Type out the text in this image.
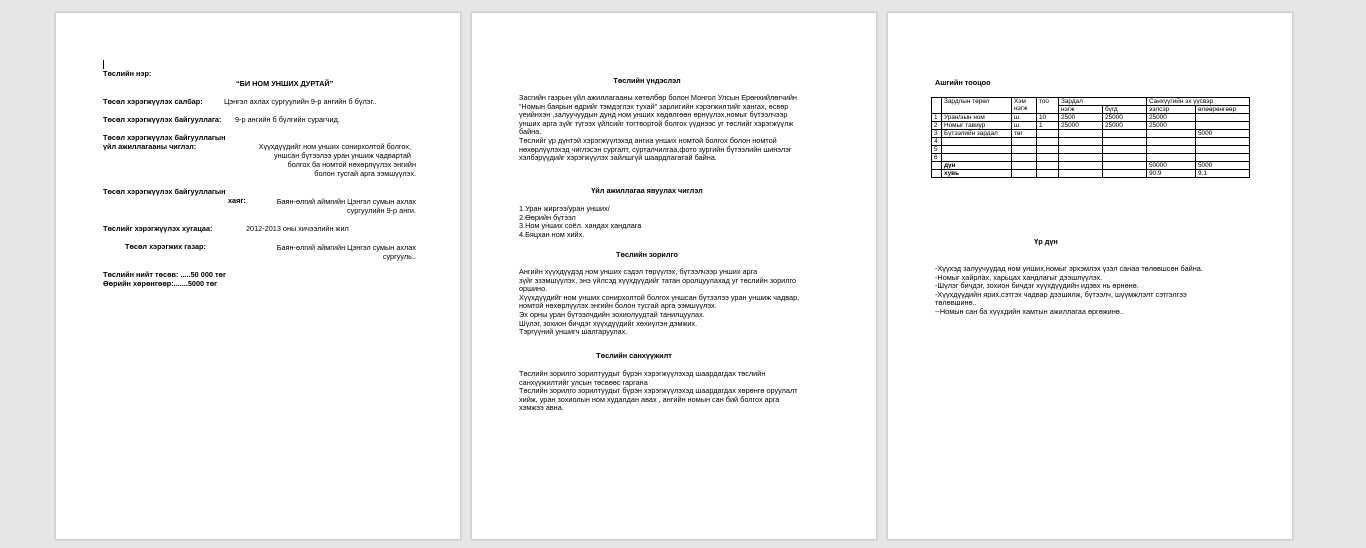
Төслийн нэр:
“БИ НОМ УНШИХ ДУРТАЙ”
Төсөл хэрэгжүүлэх салбар:	Цэнгэл ахлах сургуулийн 9-р ангийн б бүлэг..
Төсөл хэрэгжүүлэх байгууллага: 9-р ангийн б бүлгийн сурагчид.
Төсөл хэрэгжүүлэх байгууллагын
үйл ажиллагааны чиглэл:	Хүүхдүүдийг ном унших сонирхолтой болгох,
уншсан бүтээлээ уран уншиж чадвартай
болгох ба номтой нөхөрлүүлэх энгийн
болон тусгай арга ээмшүүлэх.
Төсөл хэрэгжүүлэх байгууллагын
хаяг:	Баян-өлгий аймгийн Цэнгэл сумын ахлах
сургуулийн 9-р анги.
Төслийг хэрэгжүүлэх хугацаа:	2012-2013 оны хичээлийн жил
Төсөл хэрэгжих газар:	Баян-өлгий аймгийн Цэнгэл сумын ахлах
сургууль..
Төслийн нийт төсөв: .....50 000 төг
Өөрийн хөрөнгөөр:.......5000 төг
Төслийн үндэслэл
Засгийн газрын үйл ажиллагааны хөтөлбөр болон Монгол Улсын Ерөнхийлөгчийн
“Номын баярын өдрийг тэмдэглэх тухай” зарлигийн хэрэгжилтийг хангах, өсвөр
үеийнхэн ,залуучуудын дунд ном унших хөдөлгөөн өрнүүлэх,номыг бүтээлчээр
унших арга зүйг түгээх үйлсийг тогтвортой болгох үүднээс уг төслийг хэрэгжүүлж
байна.
Төслийг үр дүнтэй хэрэгжүүлэхэд ангиа унших номтой болгох болон номтой
нөхөрлүүлэхэд чиглэсэн сургалт, сурталчилгаа,фото зургийн бүтээлийн шинэлэг
хэлбэрүүдийг хэрэгжүүлэх зайлшгүй шаардлагатай байна.
Үйл ажиллагаа явуулах чиглэл
1.Уран жиргээ/уран унших/
2.Өөрийн бүтээл
3.Ном унших соёл. хандах хандлага
4.Бяцхан ном хийх.
Төслийн зорилго
Ангийн хүүхдүүдэд ном унших сэдэл төрүүлэх, бүтээлчээр унших арга
зүйг эзэмшүүлэх, энэ үйлсэд хүүхдүүдийг татан оролцуулахад уг төслийн зорилго
оршино.
Хүүхдүүдийг ном унших сонирхолтой болгох уншсан бүтээлээ уран уншиж чадвар,
номтой нөхөрлүүлэх энгийн болон тусгай арга ээмшүүлэх.
Эх орны уран бүтээлчдийн зохиолуудтай танилцуулах.
Шүлэг, зохион бичдэг хүүхдүүдийг хөхиүлэн дэмжих.
Тэргүүний уншигч шалгаруулах.
Төслийн санхүүжилт
Төслийн зорилго зорилтуудыг бүрэн хэрэгжүүлэхэд шаардагдах төслийн
санхүүжилтийг улсын төсвөөс гаргана
Төслийн зорилго зорилтуудыг бүрэн хэрэгжүүлэхэд шаардагдах хөрөнгө оруулалт
хийж, уран зохиолын ном худалдан авах , ангийн номын сан бий болгох арга
хэмжээ авна.
Ашгийн тооцоо
	Зардлын төрөл	Хэм нэгж	тоо	Зардал		Санхүүгийн эх үүсвэр	
				нэгж	бүгд	ээлсэр	өлөөрөнгөөр
1	Уран/эын ном	ш	10	2500	25000	25000	
2	Номыг тавиур	ш	1	25000	25000	25000	
3	Бүтээлийн зардал	төг					5000
4							
5							
6							
	дүн					50000	5000
	хувь					90.9	9.1
Үр дүн
-Хүүхэд залуучуудад ном уншиx,номыг эрхэмлэх үзэл санаа төлөвшсөн байна.
-Номыг хайрлах, харьцах хандлагыг дээшлүүлэх.
-Шүлэг бичдэг, зохион бичдэг хүүхдүүдийн идэвх нь өрнөнө.
-Хүүхдүүдийн ярих,сэтгэх чадвар дээшилж, бүтээлч, шүүмжлэлт сэтгэлгээ
төлөвшинө..
--Номын сан ба хүүхдийн хамтын ажиллагаа өргөжинө..
